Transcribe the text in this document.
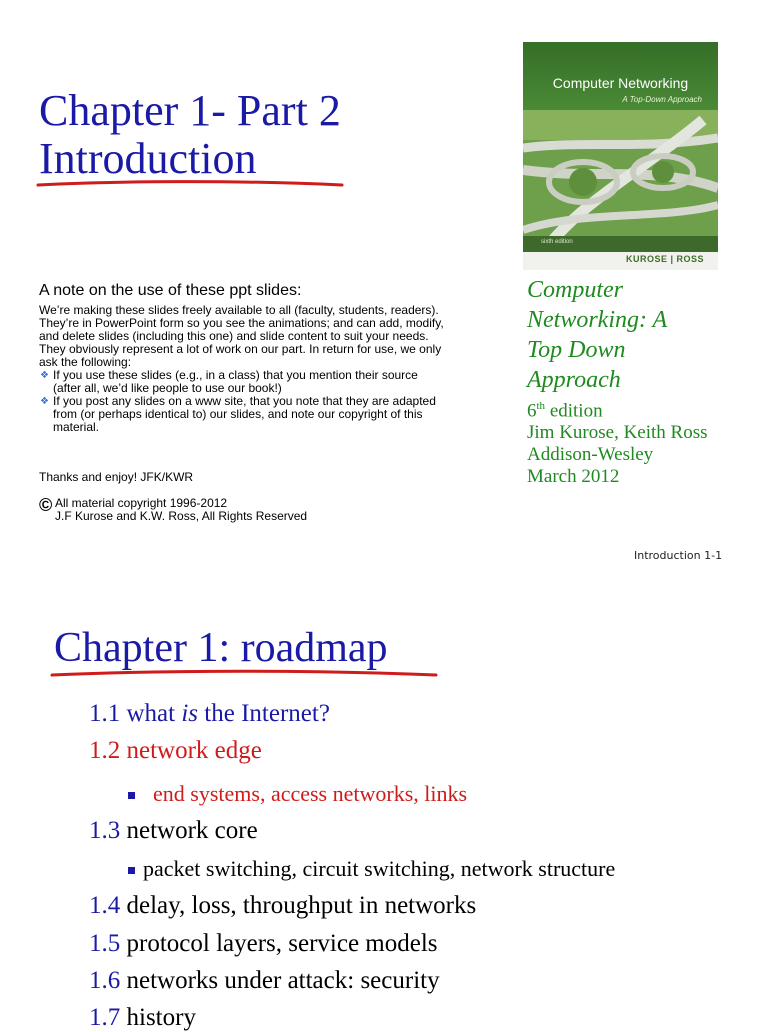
Chapter 1- Part 2
Introduction
A note on the use of these ppt slides:

We’re making these slides freely available to all (faculty, students, readers).

They’re in PowerPoint form so you see the animations; and can add, modify,

and delete slides (including this one) and slide content to suit your needs.

They obviously represent a lot of work on our part. In return for use, we only

ask the following:

❖ If you use these slides (e.g., in a class) that you mention their source

(after all, we’d like people to use our book!)

❖ If you post any slides on a www site, that you note that they are adapted

from (or perhaps identical to) our slides, and note our copyright of this

material.

Thanks and enjoy! JFK/KWR
© All material copyright 1996-2012
J.F Kurose and K.W. Ross, All Rights Reserved
Computer Networking
A Top-Down Approach
sixth edition
KUROSE | ROSS
Computer
Networking: A
Top Down
Approach
6th edition
Jim Kurose, Keith Ross
Addison-Wesley
March 2012
Introduction 1-1
Chapter 1: roadmap
1.1 what is the Internet?
1.2 network edge
end systems, access networks, links
1.3 network core
packet switching, circuit switching, network structure
1.4 delay, loss, throughput in networks
1.5 protocol layers, service models
1.6 networks under attack: security
1.7 history
